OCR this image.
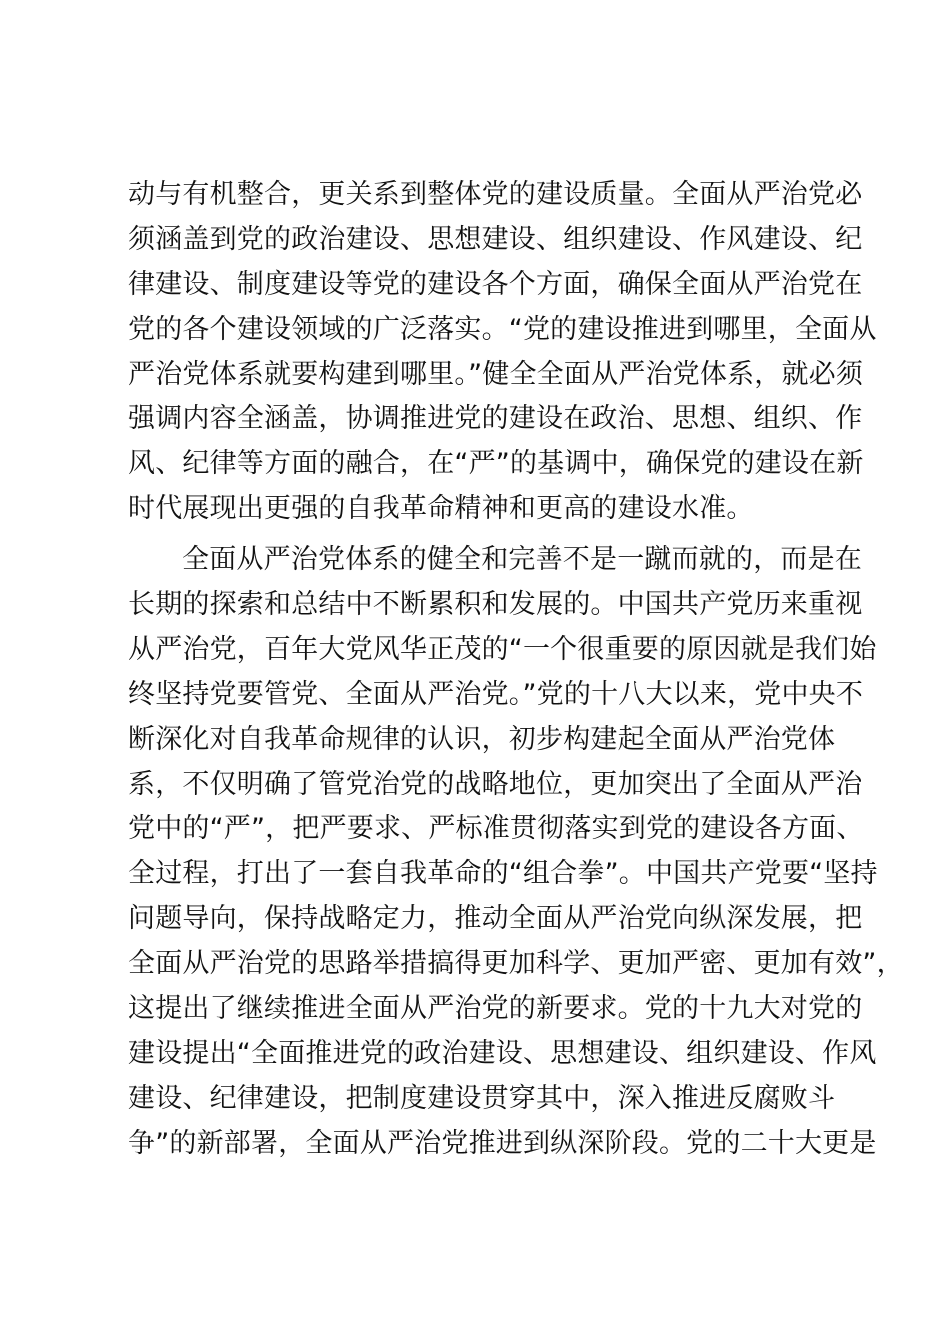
动与有机整合，更关系到整体党的建设质量。全面从严治党必
须涵盖到党的政治建设、思想建设、组织建设、作风建设、纪
律建设、制度建设等党的建设各个方面，确保全面从严治党在
党的各个建设领域的广泛落实。“党的建设推进到哪里，全面从
严治党体系就要构建到哪里。”健全全面从严治党体系，就必须
强调内容全涵盖，协调推进党的建设在政治、思想、组织、作
风、纪律等方面的融合，在“严”的基调中，确保党的建设在新
时代展现出更强的自我革命精神和更高的建设水准。
全面从严治党体系的健全和完善不是一蹴而就的，而是在
长期的探索和总结中不断累积和发展的。中国共产党历来重视
从严治党，百年大党风华正茂的“一个很重要的原因就是我们始
终坚持党要管党、全面从严治党。”党的十八大以来，党中央不
断深化对自我革命规律的认识，初步构建起全面从严治党体
系，不仅明确了管党治党的战略地位，更加突出了全面从严治
党中的“严”，把严要求、严标准贯彻落实到党的建设各方面、
全过程，打出了一套自我革命的“组合拳”。中国共产党要“坚持
问题导向，保持战略定力，推动全面从严治党向纵深发展，把
全面从严治党的思路举措搞得更加科学、更加严密、更加有效”，
这提出了继续推进全面从严治党的新要求。党的十九大对党的
建设提出“全面推进党的政治建设、思想建设、组织建设、作风
建设、纪律建设，把制度建设贯穿其中，深入推进反腐败斗
争”的新部署，全面从严治党推进到纵深阶段。党的二十大更是
